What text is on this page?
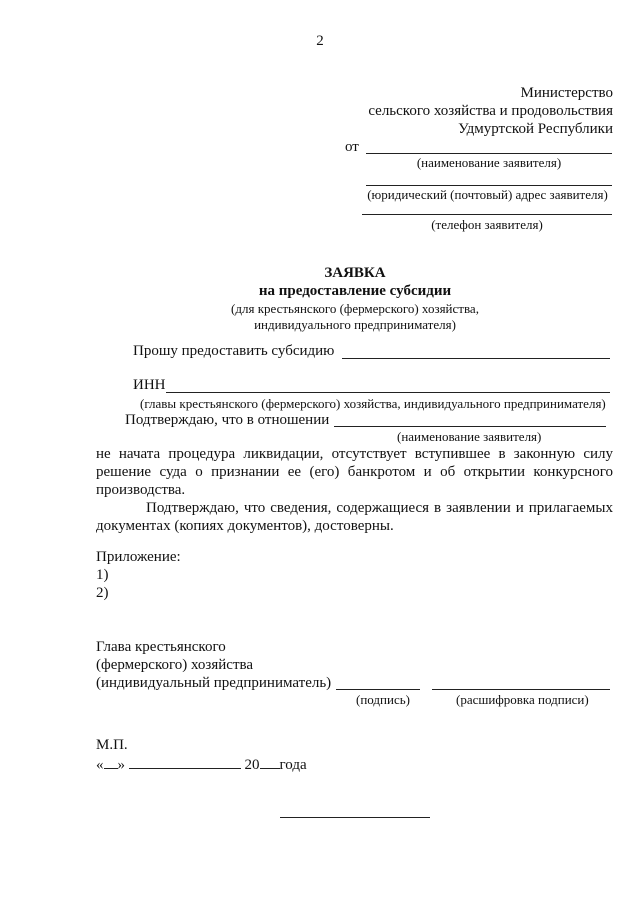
2
Министерство
сельского хозяйства и продовольствия
Удмуртской Республики
от
(наименование заявителя)
(юридический (почтовый) адрес заявителя)
(телефон заявителя)
ЗАЯВКА
на предоставление субсидии
(для крестьянского (фермерского) хозяйства,
индивидуального предпринимателя)
Прошу предоставить субсидию
ИНН
(главы крестьянского (фермерского) хозяйства, индивидуального предпринимателя)
Подтверждаю, что в отношении
(наименование заявителя)
не начата процедура ликвидации, отсутствует вступившее в законную силу
решение суда о признании ее (его) банкротом и об открытии конкурсного
производства.
Подтверждаю, что сведения, содержащиеся в заявлении и прилагаемых
документах (копиях документов), достоверны.
Приложение:
1)
2)
Глава крестьянского
(фермерского) хозяйства
(индивидуальный предприниматель)
(подпись)	(расшифровка подписи)
М.П.
« »	20 года
